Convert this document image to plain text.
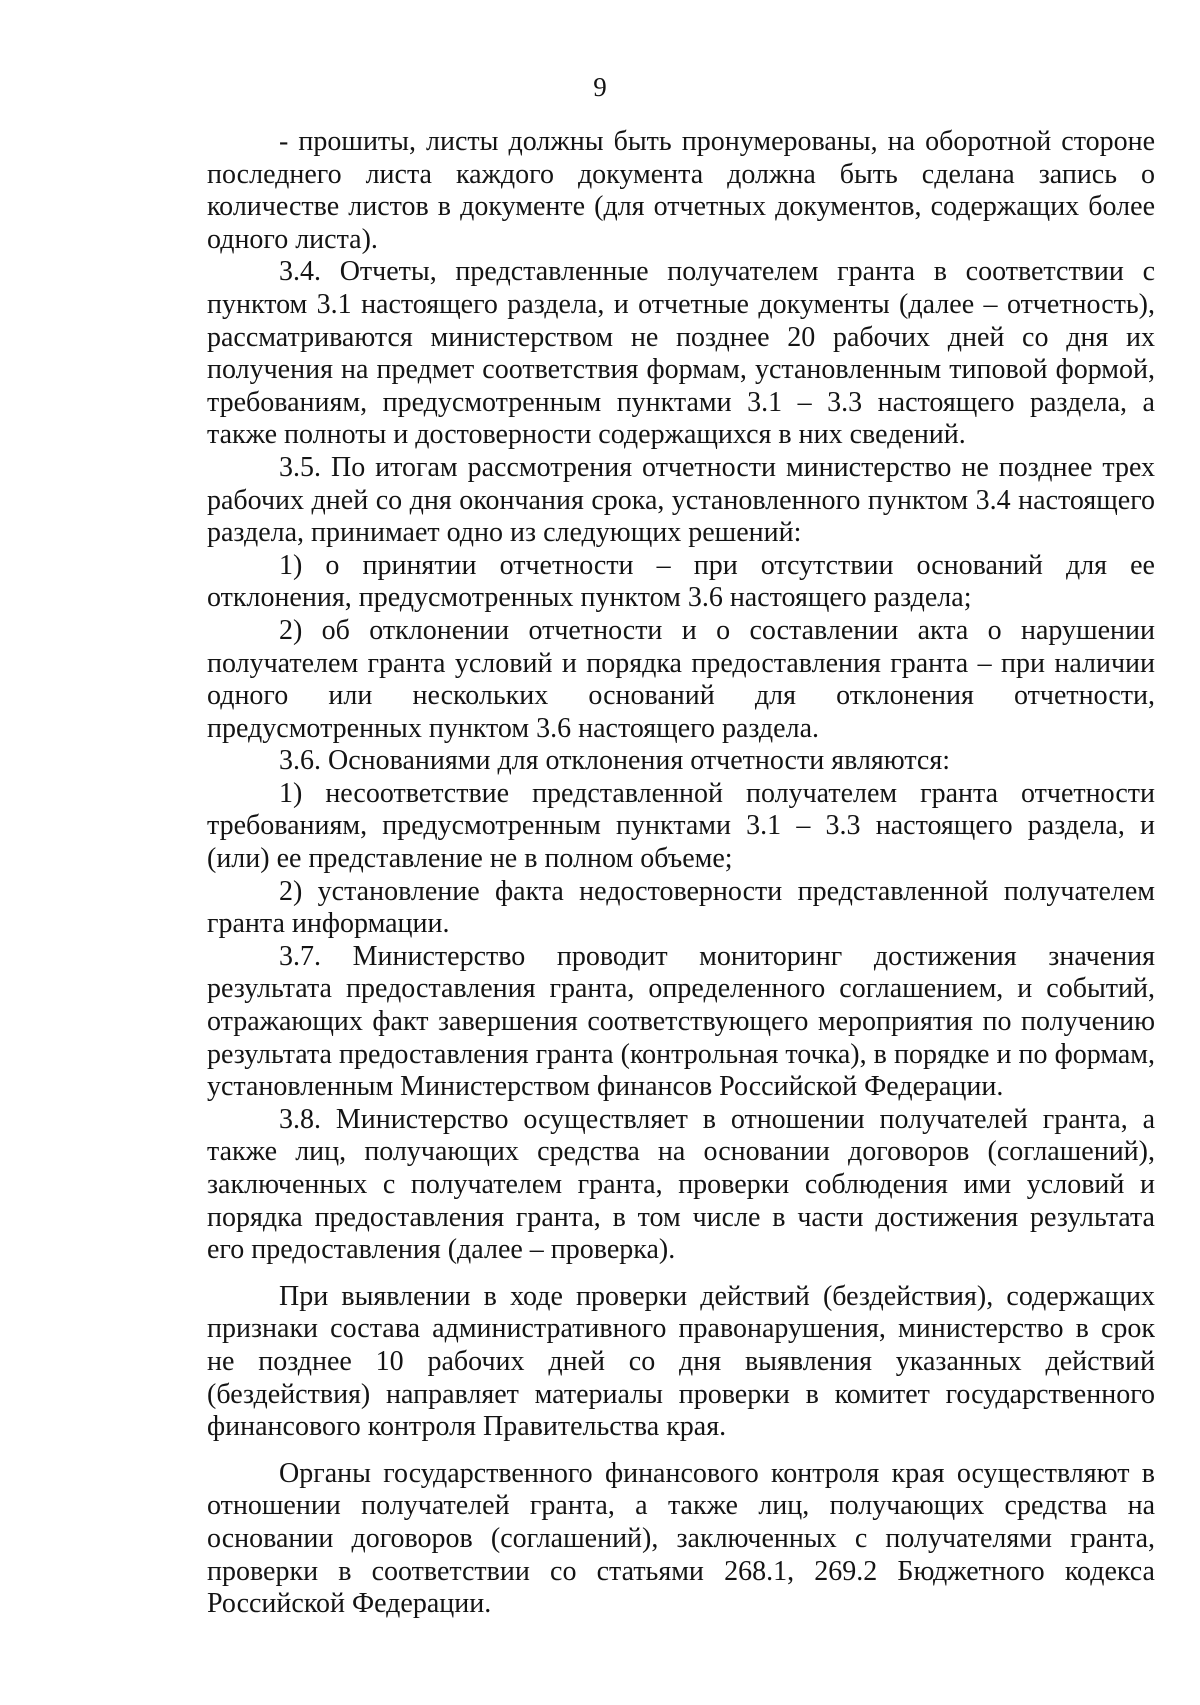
9

- прошиты, листы должны быть пронумерованы, на оборотной стороне последнего листа каждого документа должна быть сделана запись о количестве листов в документе (для отчетных документов, содержащих более одного листа).

3.4. Отчеты, представленные получателем гранта в соответствии с пунктом 3.1 настоящего раздела, и отчетные документы (далее – отчетность), рассматриваются министерством не позднее 20 рабочих дней со дня их получения на предмет соответствия формам, установленным типовой формой, требованиям, предусмотренным пунктами 3.1 – 3.3 настоящего раздела, а также полноты и достоверности содержащихся в них сведений.

3.5. По итогам рассмотрения отчетности министерство не позднее трех рабочих дней со дня окончания срока, установленного пунктом 3.4 настоящего раздела, принимает одно из следующих решений:

1) о принятии отчетности – при отсутствии оснований для ее отклонения, предусмотренных пунктом 3.6 настоящего раздела;

2) об отклонении отчетности и о составлении акта о нарушении получателем гранта условий и порядка предоставления гранта – при наличии одного или нескольких оснований для отклонения отчетности, предусмотренных пунктом 3.6 настоящего раздела.

3.6. Основаниями для отклонения отчетности являются:

1) несоответствие представленной получателем гранта отчетности требованиям, предусмотренным пунктами 3.1 – 3.3 настоящего раздела, и (или) ее представление не в полном объеме;

2) установление факта недостоверности представленной получателем гранта информации.

3.7. Министерство проводит мониторинг достижения значения результата предоставления гранта, определенного соглашением, и событий, отражающих факт завершения соответствующего мероприятия по получению результата предоставления гранта (контрольная точка), в порядке и по формам, установленным Министерством финансов Российской Федерации.

3.8. Министерство осуществляет в отношении получателей гранта, а также лиц, получающих средства на основании договоров (соглашений), заключенных с получателем гранта, проверки соблюдения ими условий и порядка предоставления гранта, в том числе в части достижения результата его предоставления (далее – проверка).

При выявлении в ходе проверки действий (бездействия), содержащих признаки состава административного правонарушения, министерство в срок не позднее 10 рабочих дней со дня выявления указанных действий (бездействия) направляет материалы проверки в комитет государственного финансового контроля Правительства края.

Органы государственного финансового контроля края осуществляют в отношении получателей гранта, а также лиц, получающих средства на основании договоров (соглашений), заключенных с получателями гранта, проверки в соответствии со статьями 268.1, 269.2 Бюджетного кодекса Российской Федерации.
